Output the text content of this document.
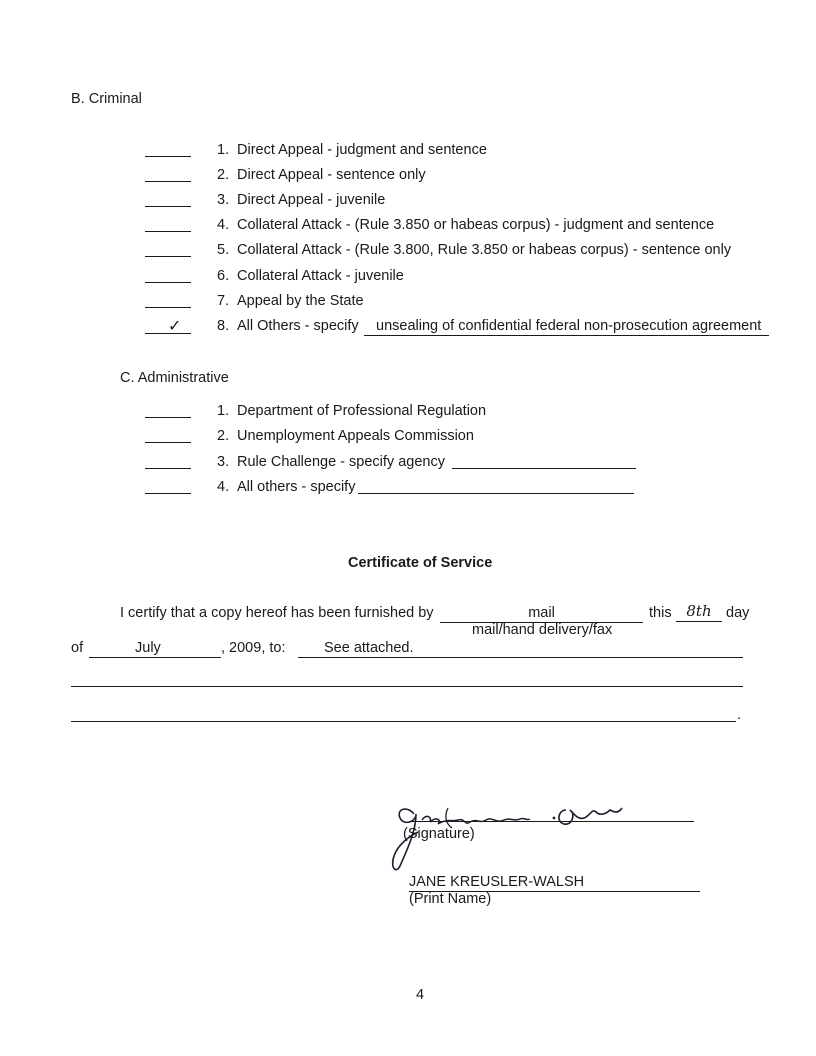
B. Criminal
1. Direct Appeal - judgment and sentence
2. Direct Appeal - sentence only
3. Direct Appeal - juvenile
4. Collateral Attack - (Rule 3.850 or habeas corpus) - judgment and sentence
5. Collateral Attack - (Rule 3.800, Rule 3.850 or habeas corpus) - sentence only
6. Collateral Attack - juvenile
7. Appeal by the State
✓ 8. All Others - specify	unsealing of confidential federal non-prosecution agreement
C. Administrative
1. Department of Professional Regulation
2. Unemployment Appeals Commission
3. Rule Challenge - specify agency
4. All others - specify
Certificate of Service
I certify that a copy hereof has been furnished by	mail
mail/hand delivery/fax
this 8th day
of	July	, 2009, to:	See attached.
.
(Signature)
JANE KREUSLER-WALSH
(Print Name)
4
